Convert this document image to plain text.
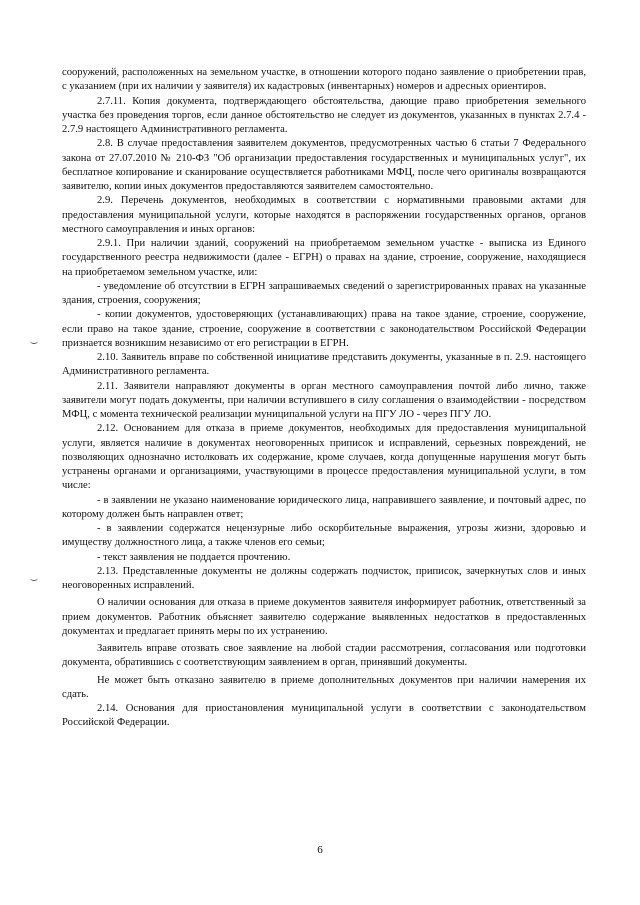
сооружений, расположенных на земельном участке, в отношении которого подано заявление о приобретении прав, с указанием (при их наличии у заявителя) их кадастровых (инвентарных) номеров и адресных ориентиров.

2.7.11. Копия документа, подтверждающего обстоятельства, дающие право приобретения земельного участка без проведения торгов, если данное обстоятельство не следует из документов, указанных в пунктах 2.7.4 - 2.7.9 настоящего Административного регламента.

2.8. В случае предоставления заявителем документов, предусмотренных частью 6 статьи 7 Федерального закона от 27.07.2010 № 210-ФЗ "Об организации предоставления государственных и муниципальных услуг", их бесплатное копирование и сканирование осуществляется работниками МФЦ, после чего оригиналы возвращаются заявителю, копии иных документов предоставляются заявителем самостоятельно.

2.9. Перечень документов, необходимых в соответствии с нормативными правовыми актами для предоставления муниципальной услуги, которые находятся в распоряжении государственных органов, органов местного самоуправления и иных органов:

2.9.1. При наличии зданий, сооружений на приобретаемом земельном участке - выписка из Единого государственного реестра недвижимости (далее - ЕГРН) о правах на здание, строение, сооружение, находящиеся на приобретаемом земельном участке, или:

- уведомление об отсутствии в ЕГРН запрашиваемых сведений о зарегистрированных правах на указанные здания, строения, сооружения;

- копии документов, удостоверяющих (устанавливающих) права на такое здание, строение, сооружение, если право на такое здание, строение, сооружение в соответствии с законодательством Российской Федерации признается возникшим независимо от его регистрации в ЕГРН.

2.10. Заявитель вправе по собственной инициативе представить документы, указанные в п. 2.9. настоящего Административного регламента.

2.11. Заявители направляют документы в орган местного самоуправления почтой либо лично, также заявители могут подать документы, при наличии вступившего в силу соглашения о взаимодействии - посредством МФЦ, с момента технической реализации муниципальной услуги на ПГУ ЛО - через ПГУ ЛО.

2.12. Основанием для отказа в приеме документов, необходимых для предоставления муниципальной услуги, является наличие в документах неоговоренных приписок и исправлений, серьезных повреждений, не позволяющих однозначно истолковать их содержание, кроме случаев, когда допущенные нарушения могут быть устранены органами и организациями, участвующими в процессе предоставления муниципальной услуги, в том числе:

- в заявлении не указано наименование юридического лица, направившего заявление, и почтовый адрес, по которому должен быть направлен ответ;

- в заявлении содержатся нецензурные либо оскорбительные выражения, угрозы жизни, здоровью и имуществу должностного лица, а также членов его семьи;

- текст заявления не поддается прочтению.

2.13. Представленные документы не должны содержать подчисток, приписок, зачеркнутых слов и иных неоговоренных исправлений.

О наличии основания для отказа в приеме документов заявителя информирует работник, ответственный за прием документов. Работник объясняет заявителю содержание выявленных недостатков в предоставленных документах и предлагает принять меры по их устранению.

Заявитель вправе отозвать свое заявление на любой стадии рассмотрения, согласования или подготовки документа, обратившись с соответствующим заявлением в орган, принявший документы.

Не может быть отказано заявителю в приеме дополнительных документов при наличии намерения их сдать.

2.14. Основания для приостановления муниципальной услуги в соответствии с законодательством Российской Федерации.

6
